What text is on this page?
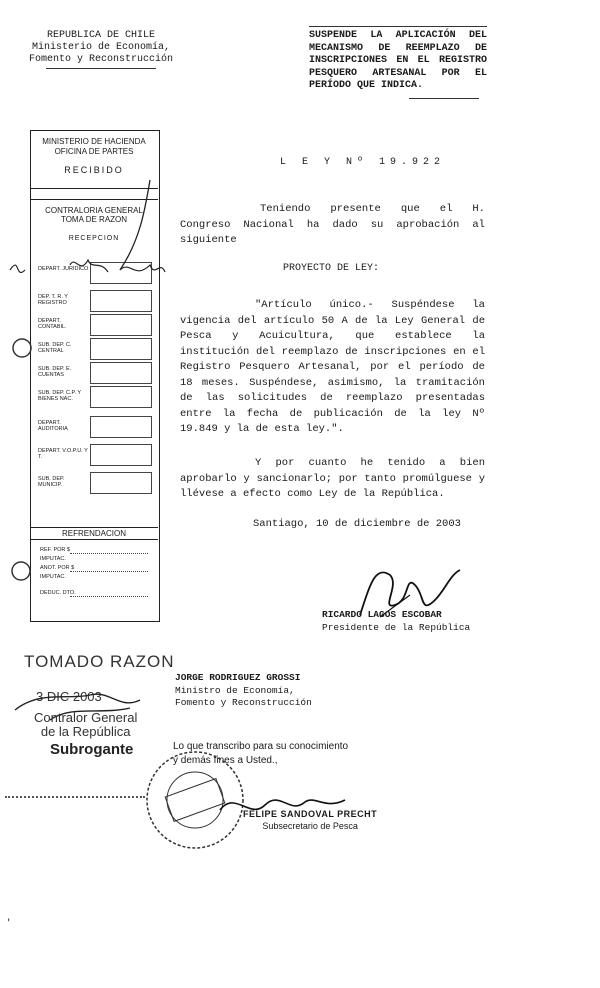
REPUBLICA DE CHILE
Ministerio de Economía,
Fomento y Reconstrucción
SUSPENDE LA APLICACIÓN DEL MECANISMO DE REEMPLAZO DE INSCRIPCIONES EN EL REGISTRO PESQUERO ARTESANAL POR EL PERÍODO QUE INDICA.
MINISTERIO DE HACIENDA
OFICINA DE PARTES
RECIBIDO
CONTRALORIA GENERAL
TOMA DE RAZON
RECEPCION
DEPART. JURIDICO
DEP. T. R. Y REGISTRO
DEPART. CONTABIL.
SUB. DEP. C. CENTRAL
SUB. DEP. E. CUENTAS
SUB. DEP. C.P. Y BIENES NAC.
DEPART. AUDITORIA
DEPART. V.O.P.U. Y T.
SUB. DEP. MUNICIP.
REFRENDACION
REF. POR $
IMPUTAC.
ANOT. POR $
IMPUTAC.
DEDUC. DTO.
L E Y Nº 19.922
Teniendo presente que el H. Congreso Nacional ha dado su aprobación al siguiente
PROYECTO DE LEY:
"Artículo único.- Suspéndese la vigencia del artículo 50 A de la Ley General de Pesca y Acuicultura, que establece la institución del reemplazo de inscripciones en el Registro Pesquero Artesanal, por el período de 18 meses. Suspéndese, asimismo, la tramitación de las solicitudes de reemplazo presentadas entre la fecha de publicación de la ley Nº 19.849 y la de esta ley.".
Y por cuanto he tenido a bien aprobarlo y sancionarlo; por tanto promúlguese y llévese a efecto como Ley de la República.
Santiago, 10 de diciembre de 2003
RICARDO LAGOS ESCOBAR
Presidente de la República
JORGE RODRIGUEZ GROSSI
Ministro de Economía,
Fomento y Reconstrucción
TOMADO RAZON
3 DIC 2003
Contralor General
de la República
Subrogante	Lo que transcribo para su conocimiento
y demás fines a Usted.,
FELIPE SANDOVAL PRECHT
Subsecretario de Pesca
'
